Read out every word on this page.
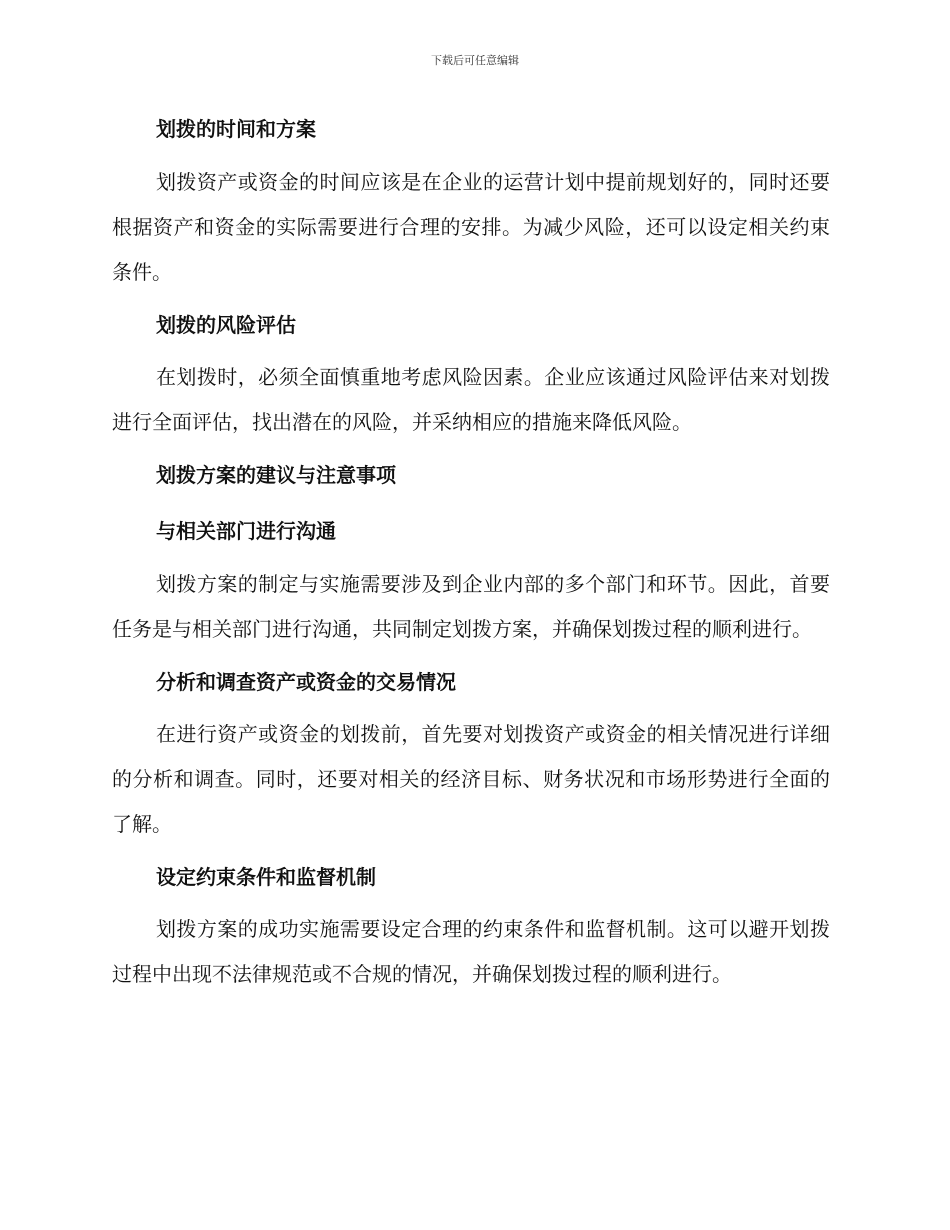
下载后可任意编辑

划拨的时间和方案

划拨资产或资金的时间应该是在企业的运营计划中提前规划好的，同时还要根据资产和资金的实际需要进行合理的安排。为减少风险，还可以设定相关约束条件。

划拨的风险评估

在划拨时，必须全面慎重地考虑风险因素。企业应该通过风险评估来对划拨进行全面评估，找出潜在的风险，并采纳相应的措施来降低风险。

划拨方案的建议与注意事项

与相关部门进行沟通

划拨方案的制定与实施需要涉及到企业内部的多个部门和环节。因此，首要任务是与相关部门进行沟通，共同制定划拨方案，并确保划拨过程的顺利进行。

分析和调查资产或资金的交易情况

在进行资产或资金的划拨前，首先要对划拨资产或资金的相关情况进行详细的分析和调查。同时，还要对相关的经济目标、财务状况和市场形势进行全面的了解。

设定约束条件和监督机制

划拨方案的成功实施需要设定合理的约束条件和监督机制。这可以避开划拨过程中出现不法律规范或不合规的情况，并确保划拨过程的顺利进行。
